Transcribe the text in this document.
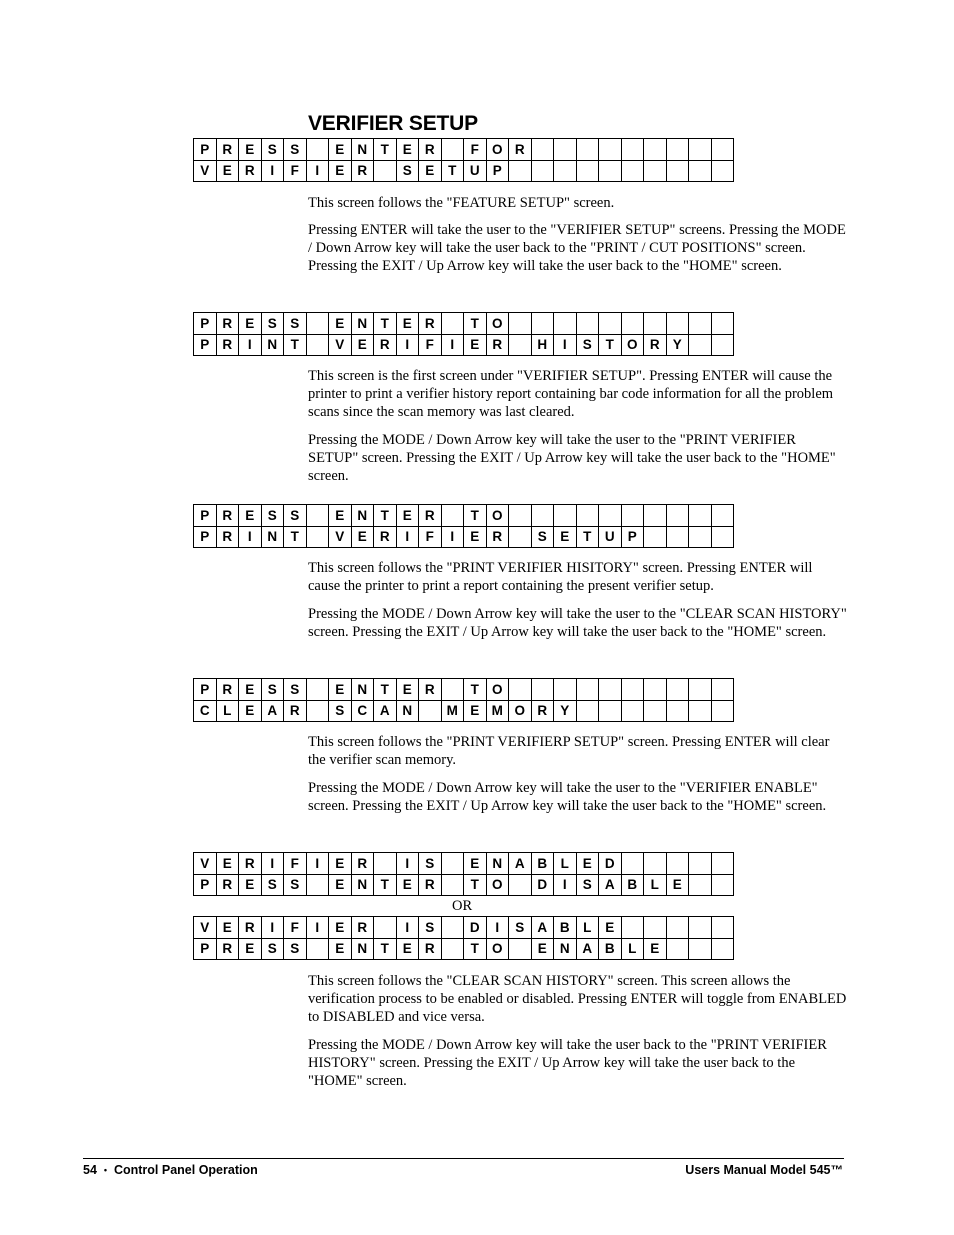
VERIFIER SETUP
P	R	E	S	S		E	N	T	E	R		F	O	R									
V	E	R	I	F	I	E	R		S	E	T	U	P										

This screen follows the "FEATURE SETUP" screen.

Pressing ENTER will take the user to the "VERIFIER SETUP" screens. Pressing the MODE / Down Arrow key will take the user back to the "PRINT / CUT POSITIONS" screen. Pressing the EXIT / Up Arrow key will take the user back to the "HOME" screen.

P	R	E	S	S		E	N	T	E	R		T	O										
P	R	I	N	T		V	E	R	I	F	I	E	R		H	I	S	T	O	R	Y		

This screen is the first screen under "VERIFIER SETUP". Pressing ENTER will cause the printer to print a verifier history report containing bar code information for all the problem scans since the scan memory was last cleared.

Pressing the MODE / Down Arrow key will take the user to the "PRINT VERIFIER SETUP" screen. Pressing the EXIT / Up Arrow key will take the user back to the "HOME" screen.

P	R	E	S	S		E	N	T	E	R		T	O										
P	R	I	N	T		V	E	R	I	F	I	E	R		S	E	T	U	P				

This screen follows the "PRINT VERIFIER HISITORY" screen. Pressing ENTER will cause the printer to print a report containing the present verifier setup.

Pressing the MODE / Down Arrow key will take the user to the "CLEAR SCAN HISTORY" screen. Pressing the EXIT / Up Arrow key will take the user back to the "HOME" screen.

P	R	E	S	S		E	N	T	E	R		T	O										
C	L	E	A	R		S	C	A	N		M	E	M	O	R	Y							

This screen follows the "PRINT VERIFIERP SETUP" screen. Pressing ENTER will clear the verifier scan memory.

Pressing the MODE / Down Arrow key will take the user to the "VERIFIER ENABLE" screen. Pressing the EXIT / Up Arrow key will take the user back to the "HOME" screen.

V	E	R	I	F	I	E	R		I	S		E	N	A	B	L	E	D					
P	R	E	S	S		E	N	T	E	R		T	O		D	I	S	A	B	L	E		
OR
V	E	R	I	F	I	E	R		I	S		D	I	S	A	B	L	E					
P	R	E	S	S		E	N	T	E	R		T	O		E	N	A	B	L	E			

This screen follows the "CLEAR SCAN HISTORY" screen. This screen allows the verification process to be enabled or disabled. Pressing ENTER will toggle from ENABLED to DISABLED and vice versa.

Pressing the MODE / Down Arrow key will take the user back to the "PRINT VERIFIER HISTORY" screen. Pressing the EXIT / Up Arrow key will take the user back to the "HOME" screen.

54 • Control Panel Operation	Users Manual Model 545™
